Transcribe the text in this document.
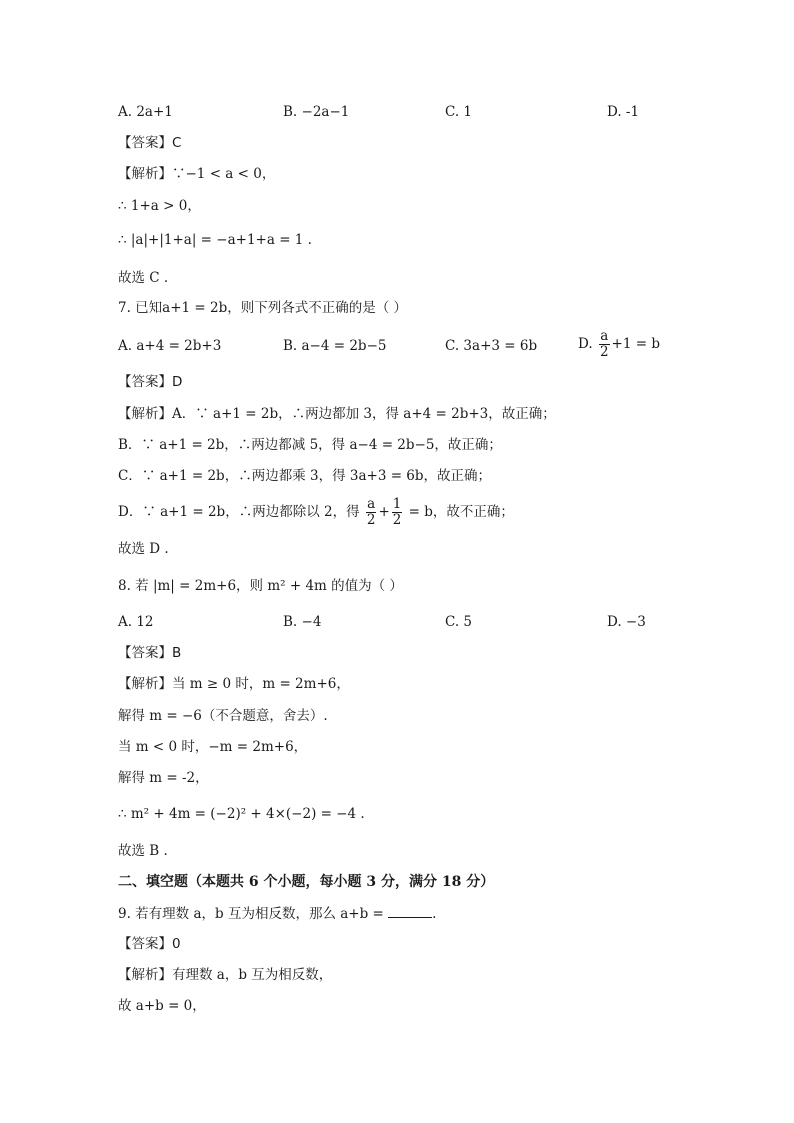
A. 2a+1	B. −2a−1	C. 1	D. -1
【答案】C
【解析】∵−1 < a < 0，
∴ 1+a > 0，
∴ |a|+|1+a| = −a+1+a = 1 .
故选 C .
7. 已知a+1 = 2b，则下列各式不正确的是（ ）
A. a+4 = 2b+3	B. a−4 = 2b−5	C. 3a+3 = 6b	D. $\frac{a}{2} +1 = b$
【答案】D
【解析】A．∵ a+1 = 2b，∴两边都加 3，得 a+4 = 2b+3，故正确；
B．∵ a+1 = 2b，∴两边都减 5，得 a−4 = 2b−5，故正确；
C．∵ a+1 = 2b，∴两边都乘 3，得 3a+3 = 6b，故正确；
D．∵ a+1 = 2b，∴两边都除以 2，得 $\frac{a}{2} + \frac{1}{2} = b$，故不正确；
故选 D .
8. 若 |m| = 2m+6，则 m² + 4m 的值为（ ）
A. 12	B. −4	C. 5	D. −3
【答案】B
【解析】当 m ≥ 0 时，m = 2m+6，
解得 m = −6（不合题意，舍去）.
当 m < 0 时，−m = 2m+6，
解得 m = -2，
∴ m² + 4m = (−2)² + 4×(−2) = −4 .
故选 B .
二、填空题（本题共 6 个小题，每小题 3 分，满分 18 分）
9. 若有理数 a，b 互为相反数，那么 a+b =	.
【答案】0
【解析】有理数 a，b 互为相反数，
故 a+b = 0，
